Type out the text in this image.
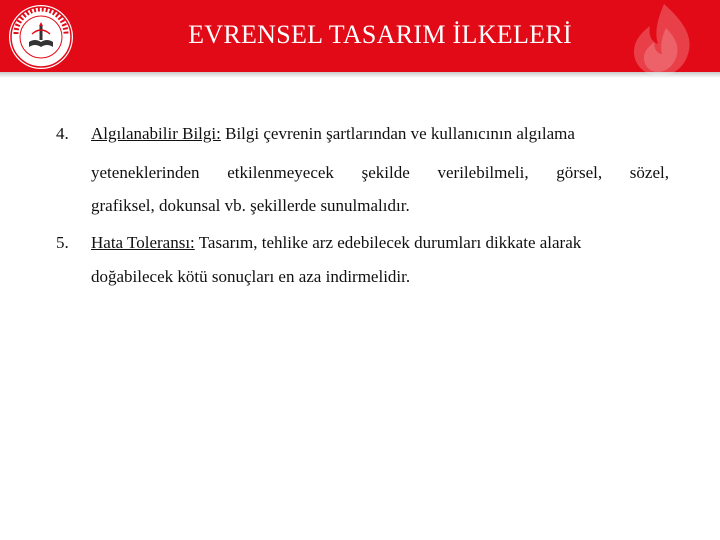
EVRENSEL TASARIM İLKELERİ
4. Algılanabilir Bilgi: Bilgi çevrenin şartlarından ve kullanıcının algılama
yeteneklerinden etkilenmeyecek şekilde verilebilmeli, görsel, sözel,
grafiksel, dokunsal vb. şekillerde sunulmalıdır.
5. Hata Toleransı: Tasarım, tehlike arz edebilecek durumları dikkate alarak
doğabilecek kötü sonuçları en aza indirmelidir.
